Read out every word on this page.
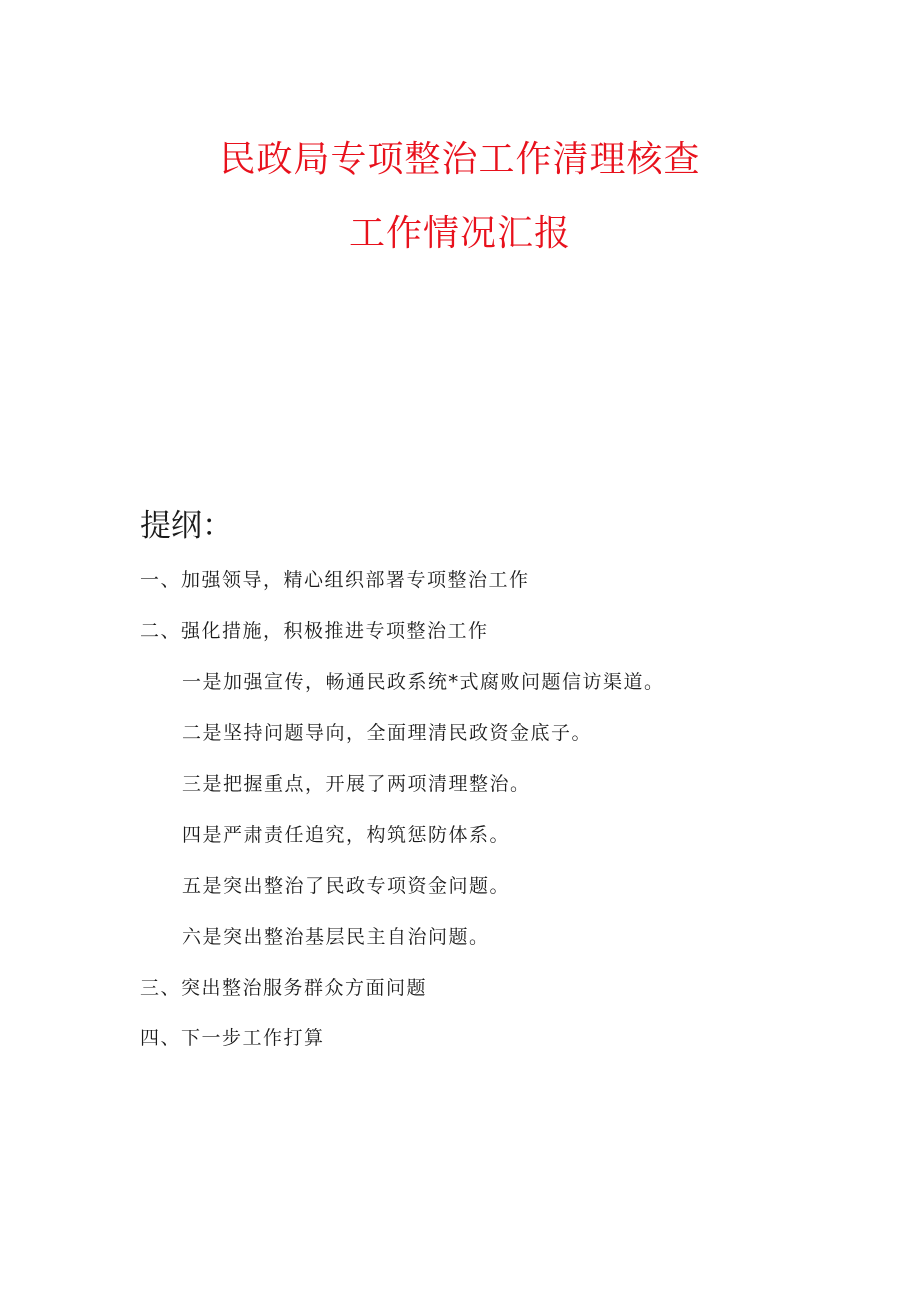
民政局专项整治工作清理核查
工作情况汇报
提纲：
一、加强领导，精心组织部署专项整治工作
二、强化措施，积极推进专项整治工作
一是加强宣传，畅通民政系统*式腐败问题信访渠道。
二是坚持问题导向，全面理清民政资金底子。
三是把握重点，开展了两项清理整治。
四是严肃责任追究，构筑惩防体系。
五是突出整治了民政专项资金问题。
六是突出整治基层民主自治问题。
三、突出整治服务群众方面问题
四、下一步工作打算
